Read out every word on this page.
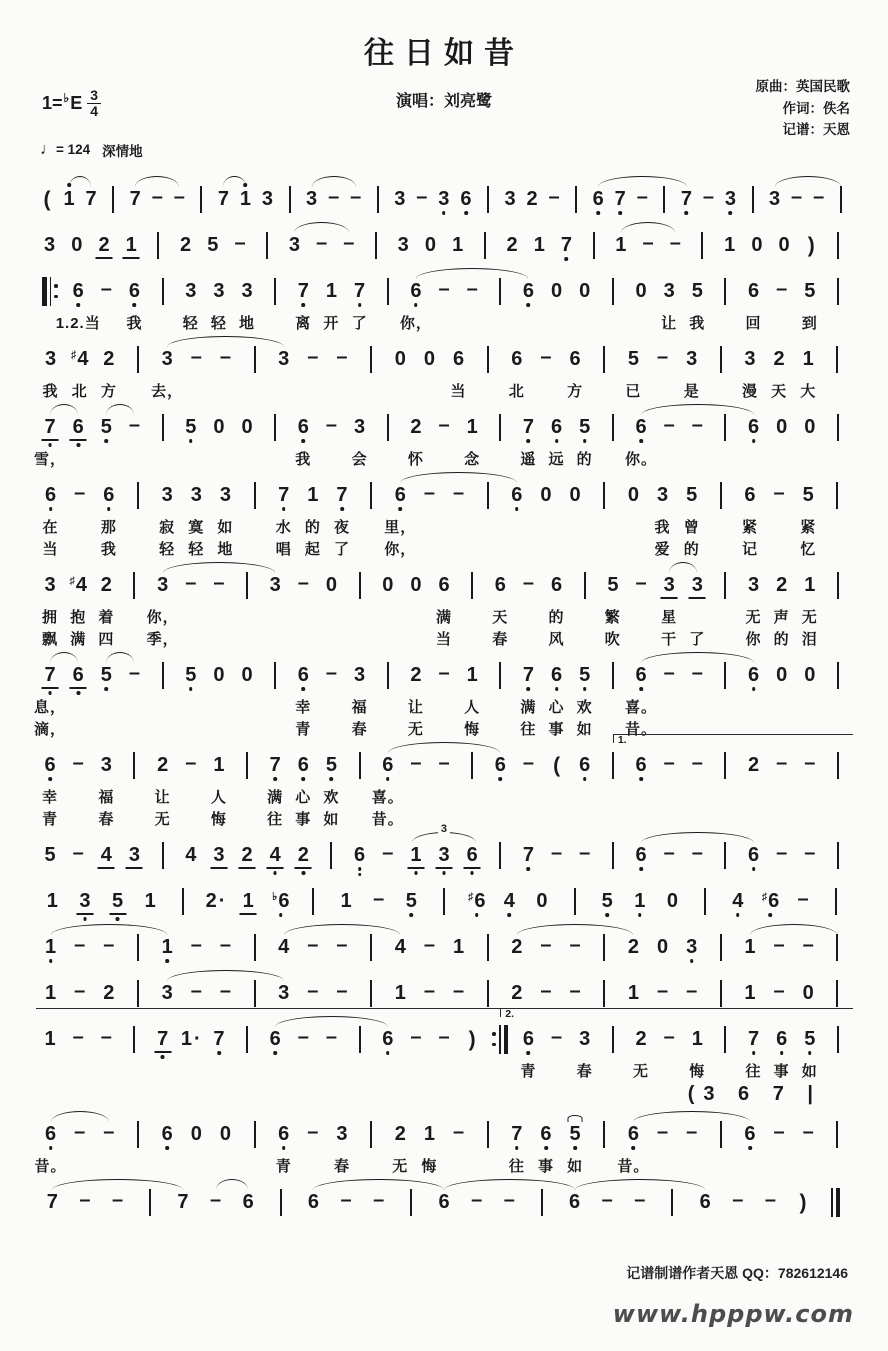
往日如昔
演唱：刘亮鹭
原曲：英国民歌
作词：佚名
记谱：天恩
1= ♭ E $\frac{3}{4}$
♩= 124 深情地
( 1 7 7 – – 7 1 3 3 – – 3 – 3 6 3 2 – 6 7 – 7 – 3 3 – –
3 0 2 1 2 5 – 3 – – 3 0 1 2 1 7 1 – – 1 0 0 )
6 – 6 3 3 3 7 1 7 6 – – 6 0 0 0 3 5 6 – 5
1.2.当 我	轻 轻 地	离 开 了 你，	让 我	回	到
3 ♯4 2 3 – – 3 – – 0 0 6 6 – 6 5 – 3 3 2 1
我 北 方 去，	当	北	方	已	是	漫 天 大
7 6 5 – 5 0 0 6 – 3 2 – 1 7 6 5 6 – – 6 0 0
雪，	我	会	怀	念	遥 远 的 你。
6 – 6 3 3 3 7 1 7 6 – – 6 0 0 0 3 5 6 – 5
在	那	寂 寞 如	水 的 夜 里，	我 曾	紧	紧
当	我	轻 轻 地	唱 起 了 你，	爱 的	记	忆
3 ♯4 2 3 – – 3 – 0 0 0 6 6 – 6 5 – 3 3 3 2 1
拥 抱 着 你，	满	天	的	繁	星	无 声 无
飘 满 四 季，	当	春	风	吹	干 了	你 的 泪
7 6 5 – 5 0 0 6 – 3 2 – 1 7 6 5 6 – – 6 0 0
息，	幸	福	让	人	满 心 欢 喜。
滴，	青	春	无	悔	往 事 如 昔。
6 – 3 2 – 1 7 6 5 6 – – 6 – ( 6 6 – – 2 – –
1.
幸	福	让	人	满 心 欢 喜。
青	春	无	悔	往 事 如 昔。
5 – 4 3 4 3 2 4 2 6 – 1 3 6 7 – – 6 – – 6 – –
3
1 3 5 1 2 · 1 ♭6	1 – 5	♯6 4 0	5 1 0	4 ♯6 –
1 – – 1 – – 4 – – 4 – 1 2 – – 2 0 3 1 – –
1 – 2 3 – – 3 – – 1 – – 2 – – 1 – – 1 – 0
1 – – 7 1 · 7 6 – – 6 – – ) 6 – 3 2 – 1 7 6 5
2.
青	春	无	悔	往 事 如
(3 6 7 |
6 – – 6 0 0 6 – 3 2 1 – 7 6 5 6 – – 6 – –
昔。	青	春	无 悔	往 事 如 昔。
7 – –	7 – 6	6 – –	6 – –	6 – –	6 – – )
记谱制谱作者天恩 QQ：782612146
www.hpppw.com
